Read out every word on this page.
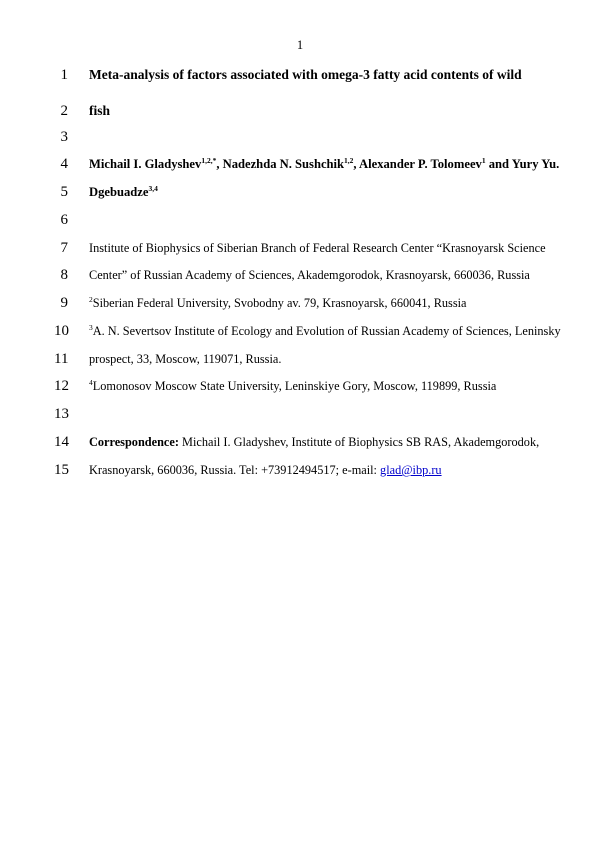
1
1 Meta-analysis of factors associated with omega-3 fatty acid contents of wild
2 fish
3
4 Michail I. Gladyshev$^{1,2,*}$, Nadezhda N. Sushchik$^{1,2}$, Alexander P. Tolomeev$^1$ and Yury Yu.
5 Dgebuadze$^{3,4}$
6
7 Institute of Biophysics of Siberian Branch of Federal Research Center “Krasnoyarsk Science
8 Center” of Russian Academy of Sciences, Akademgorodok, Krasnoyarsk, 660036, Russia
9	$^2$Siberian Federal University, Svobodny av. 79, Krasnoyarsk, 660041, Russia
10	$^3$A. N. Severtsov Institute of Ecology and Evolution of Russian Academy of Sciences, Leninsky
11 prospect, 33, Moscow, 119071, Russia.
12	$^4$Lomonosov Moscow State University, Leninskiye Gory, Moscow, 119899, Russia
13
14 Correspondence: Michail I. Gladyshev, Institute of Biophysics SB RAS, Akademgorodok,
15 Krasnoyarsk, 660036, Russia. Tel: +73912494517; e-mail: glad@ibp.ru
